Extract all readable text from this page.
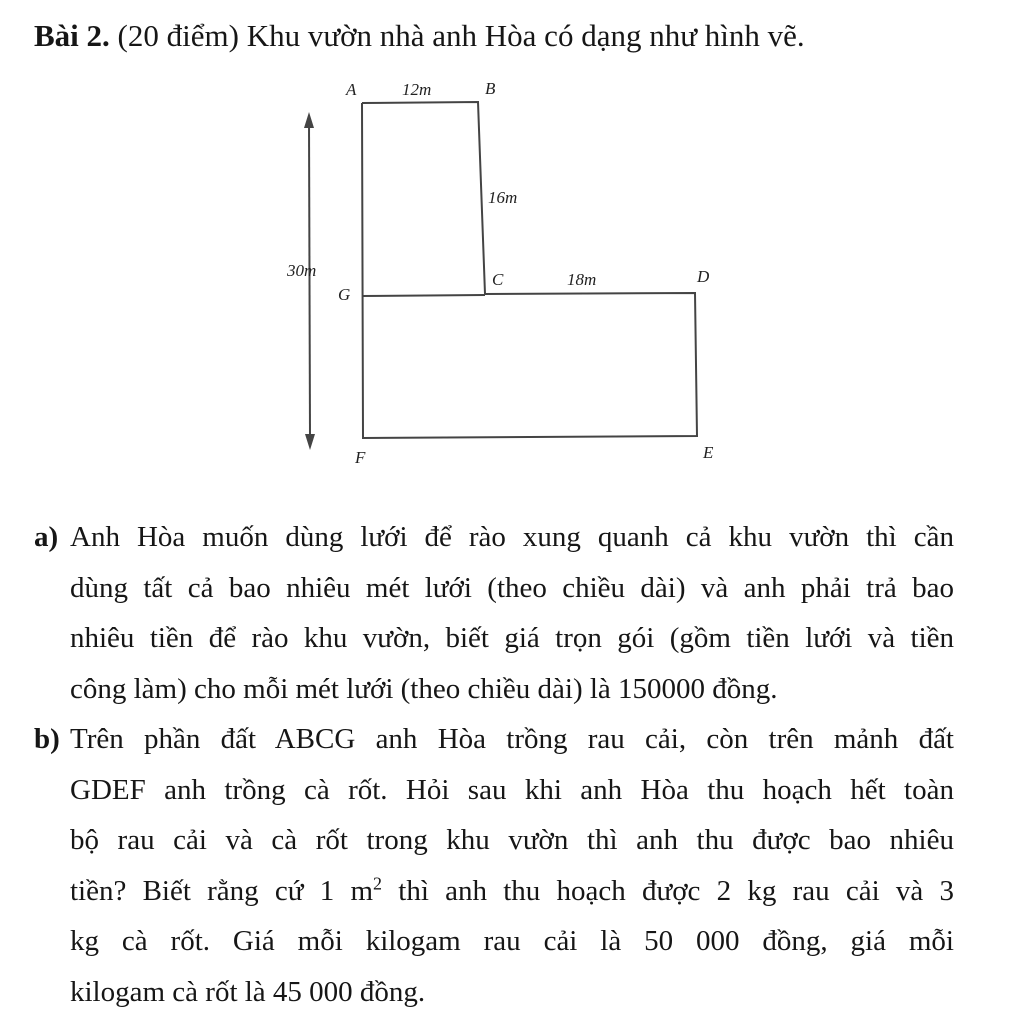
Bài 2. (20 điểm) Khu vườn nhà anh Hòa có dạng như hình vẽ.
A	B
C	D
E
F
G
12m
16m
18m
30m
a) Anh Hòa muốn dùng lưới để rào xung quanh cả khu vườn thì cần
dùng tất cả bao nhiêu mét lưới (theo chiều dài) và anh phải trả bao
nhiêu tiền để rào khu vườn, biết giá trọn gói (gồm tiền lưới và tiền
công làm) cho mỗi mét lưới (theo chiều dài) là 150000 đồng.
b) Trên phần đất ABCG anh Hòa trồng rau cải, còn trên mảnh đất
GDEF anh trồng cà rốt. Hỏi sau khi anh Hòa thu hoạch hết toàn
bộ rau cải và cà rốt trong khu vườn thì anh thu được bao nhiêu
tiền? Biết rằng cứ 1 $m^2$ thì anh thu hoạch được 2 kg rau cải và 3
kg cà rốt. Giá mỗi kilogam rau cải là 50 000 đồng, giá mỗi
kilogam cà rốt là 45 000 đồng.
